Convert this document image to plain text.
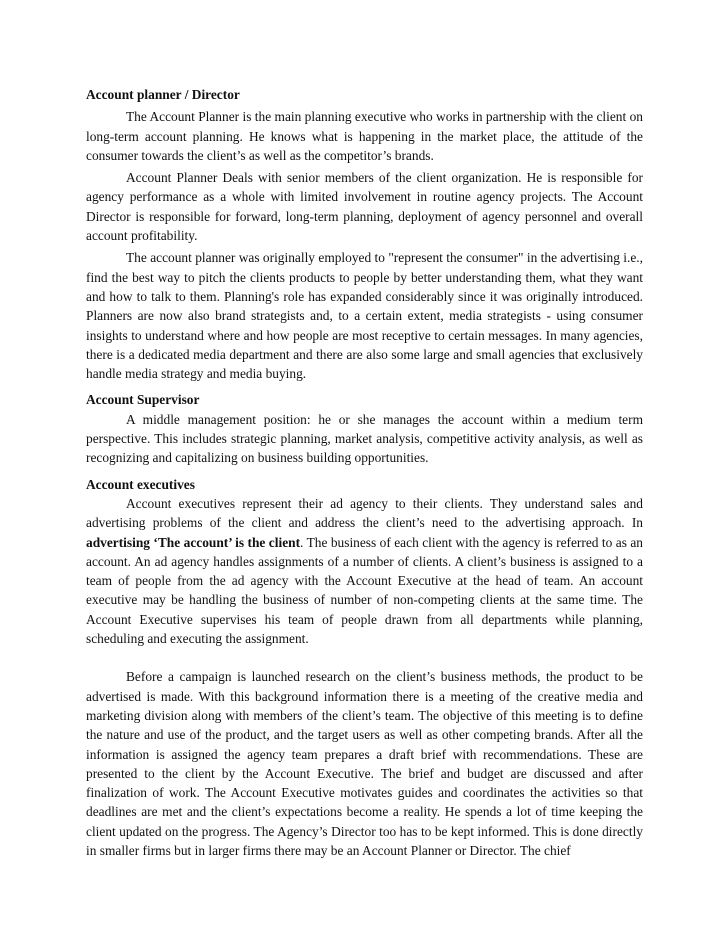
Account planner / Director

The Account Planner is the main planning executive who works in partnership with the client on long-term account planning. He knows what is happening in the market place, the attitude of the consumer towards the client’s as well as the competitor’s brands.

Account Planner Deals with senior members of the client organization. He is responsible for agency performance as a whole with limited involvement in routine agency projects. The Account Director is responsible for forward, long-term planning, deployment of agency personnel and overall account profitability.

The account planner was originally employed to "represent the consumer" in the advertising i.e., find the best way to pitch the clients products to people by better understanding them, what they want and how to talk to them. Planning's role has expanded considerably since it was originally introduced. Planners are now also brand strategists and, to a certain extent, media strategists - using consumer insights to understand where and how people are most receptive to certain messages. In many agencies, there is a dedicated media department and there are also some large and small agencies that exclusively handle media strategy and media buying.

Account Supervisor

A middle management position: he or she manages the account within a medium term perspective. This includes strategic planning, market analysis, competitive activity analysis, as well as recognizing and capitalizing on business building opportunities.

Account executives

Account executives represent their ad agency to their clients. They understand sales and advertising problems of the client and address the client’s need to the advertising approach. In advertising ‘The account’ is the client. The business of each client with the agency is referred to as an account. An ad agency handles assignments of a number of clients. A client’s business is assigned to a team of people from the ad agency with the Account Executive at the head of team. An account executive may be handling the business of number of non-competing clients at the same time. The Account Executive supervises his team of people drawn from all departments while planning, scheduling and executing the assignment.

Before a campaign is launched research on the client’s business methods, the product to be advertised is made. With this background information there is a meeting of the creative media and marketing division along with members of the client’s team. The objective of this meeting is to define the nature and use of the product, and the target users as well as other competing brands. After all the information is assigned the agency team prepares a draft brief with recommendations. These are presented to the client by the Account Executive. The brief and budget are discussed and after finalization of work. The Account Executive motivates guides and coordinates the activities so that deadlines are met and the client’s expectations become a reality. He spends a lot of time keeping the client updated on the progress. The Agency’s Director too has to be kept informed. This is done directly in smaller firms but in larger firms there may be an Account Planner or Director. The chief
